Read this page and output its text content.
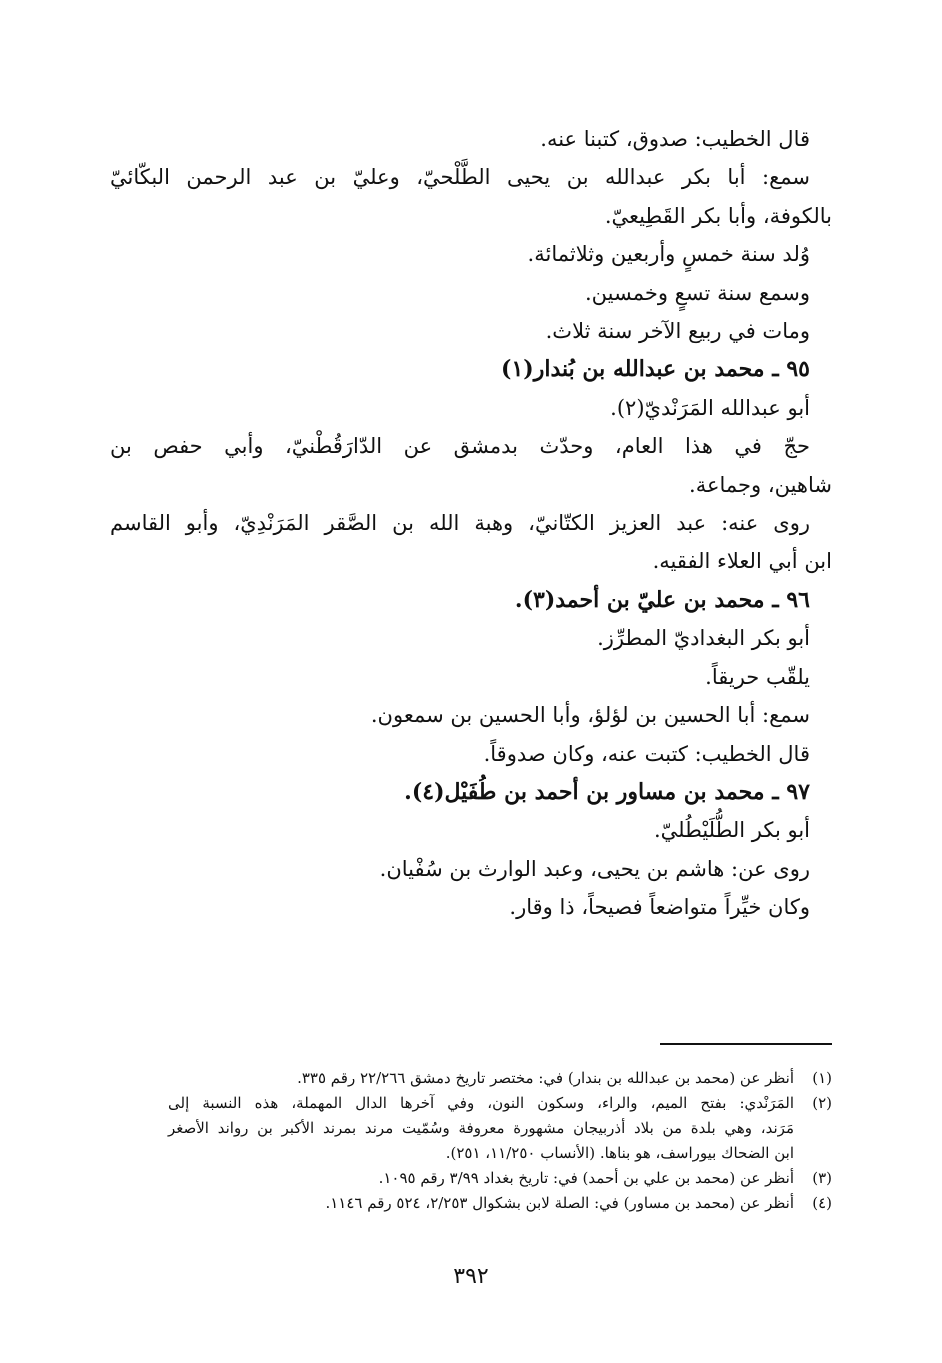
قال الخطيب: صدوق، كتبنا عنه.
سمع: أبا بكر عبدالله بن يحيى الطَّلْحيّ، وعليّ بن عبد الرحمن البكّائيّ
بالكوفة، وأبا بكر القَطِيعيّ.
وُلد سنة خمسٍ وأربعين وثلاثمائة.
وسمع سنة تسعٍ وخمسين.
ومات في ربيع الآخر سنة ثلاث.
٩٥ ـ محمد بن عبدالله بن بُندار(١)
أبو عبدالله المَرَنْديّ(٢).
حجّ في هذا العام، وحدّث بدمشق عن الدّارَقُطْنيّ، وأبي حفص بن
شاهين، وجماعة.
روى عنه: عبد العزيز الكتّانيّ، وهبة الله بن الصَّقر المَرَنْدِيّ، وأبو القاسم
ابن أبي العلاء الفقيه.
٩٦ ـ محمد بن عليّ بن أحمد(٣).
أبو بكر البغداديّ المطرِّز.
يلقّب حريقاً.
سمع: أبا الحسين بن لؤلؤ، وأبا الحسين بن سمعون.
قال الخطيب: كتبت عنه، وكان صدوقاً.
٩٧ ـ محمد بن مساور بن أحمد بن طُفَيْل(٤).
أبو بكر الطُّلَيْطُليّ.
روى عن: هاشم بن يحيى، وعبد الوارث بن سُفْيان.
وكان خيِّراً متواضعاً فصيحاً، ذا وقار.
(١)
أنظر عن (محمد بن عبدالله بن بندار) في: مختصر تاريخ دمشق ٢٢/٢٦٦ رقم ٣٣٥.
(٢)
المَرَنْدي: بفتح الميم، والراء، وسكون النون، وفي آخرها الدال المهملة، هذه النسبة إلى
مَرَند، وهي بلدة من بلاد أذربيجان مشهورة معروفة وسُمّيت مرند بمرند الأكبر بن رواند الأصغر
ابن الضحاك بيوراسف، هو بناها. (الأنساب ١١/٢٥٠، ٢٥١).
(٣)
أنظر عن (محمد بن علي بن أحمد) في: تاريخ بغداد ٣/٩٩ رقم ١٠٩٥.
(٤)
أنظر عن (محمد بن مساور) في: الصلة لابن بشكوال ٢/٢٥٣، ٥٢٤ رقم ١١٤٦.
٣٩٢
